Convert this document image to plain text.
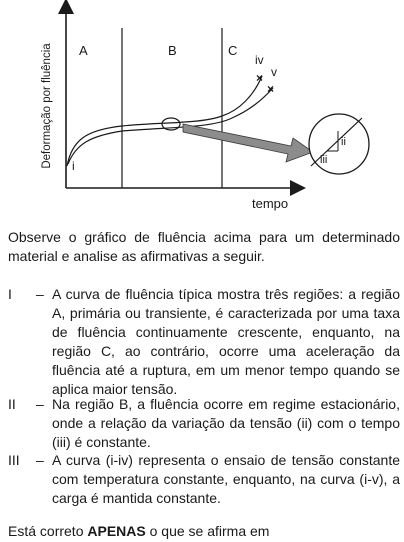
Deformação por fluência
tempo
A	B	C
×
×
iv
v
i
ii
iii

Observe o gráfico de fluência acima para um determinado material e analise as afirmativas a seguir.

I	– A curva de fluência típica mostra três regiões: a região A, primária ou transiente, é caracterizada por uma taxa de fluência continuamente crescente, enquanto, na região C, ao contrário, ocorre uma aceleração da fluência até a ruptura, em um menor tempo quando se aplica maior tensão.
II	– Na região B, a fluência ocorre em regime estacionário, onde a relação da variação da tensão (ii) com o tempo (iii) é constante.
III	– A curva (i-iv) representa o ensaio de tensão constante com temperatura constante, enquanto, na curva (i-v), a carga é mantida constante.

Está correto APENAS o que se afirma em
